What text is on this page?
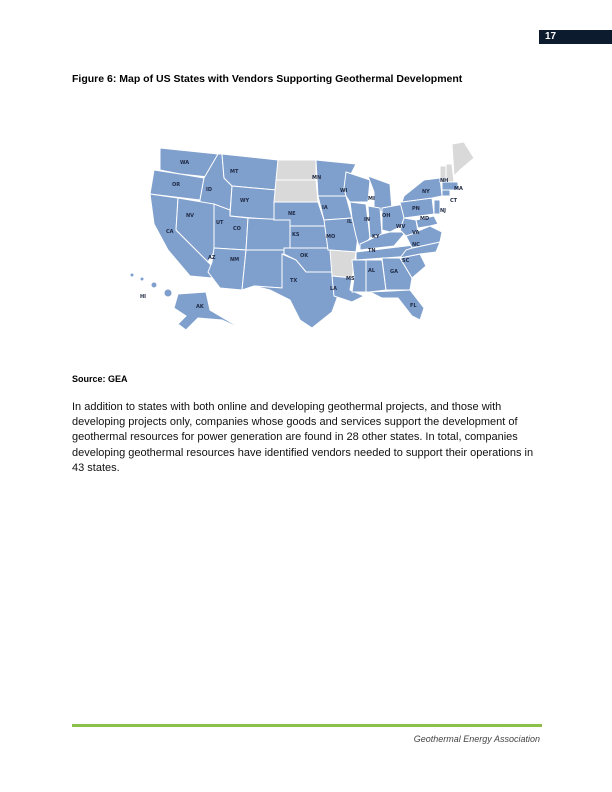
17
Figure 6: Map of US States with Vendors Supporting Geothermal Development
WA
OR
CA
ID
NV
MT
WY
UT
AZ
CO
NM
NE
KS
OK
TX
MN
IA
MO
LA
WI
IL
MI
IN
OH
KY
TN
MS
AL	GA
FL
SC
NC
VA
WV
MD
PN
NY
NJ
CT
MA
NH
AK
HI
Source: GEA

In addition to states with both online and developing geothermal projects, and those with developing projects only, companies whose goods and services support the development of geothermal resources for power generation are found in 28 other states. In total, companies developing geothermal resources have identified vendors needed to support their operations in 43 states.

Geothermal Energy Association
